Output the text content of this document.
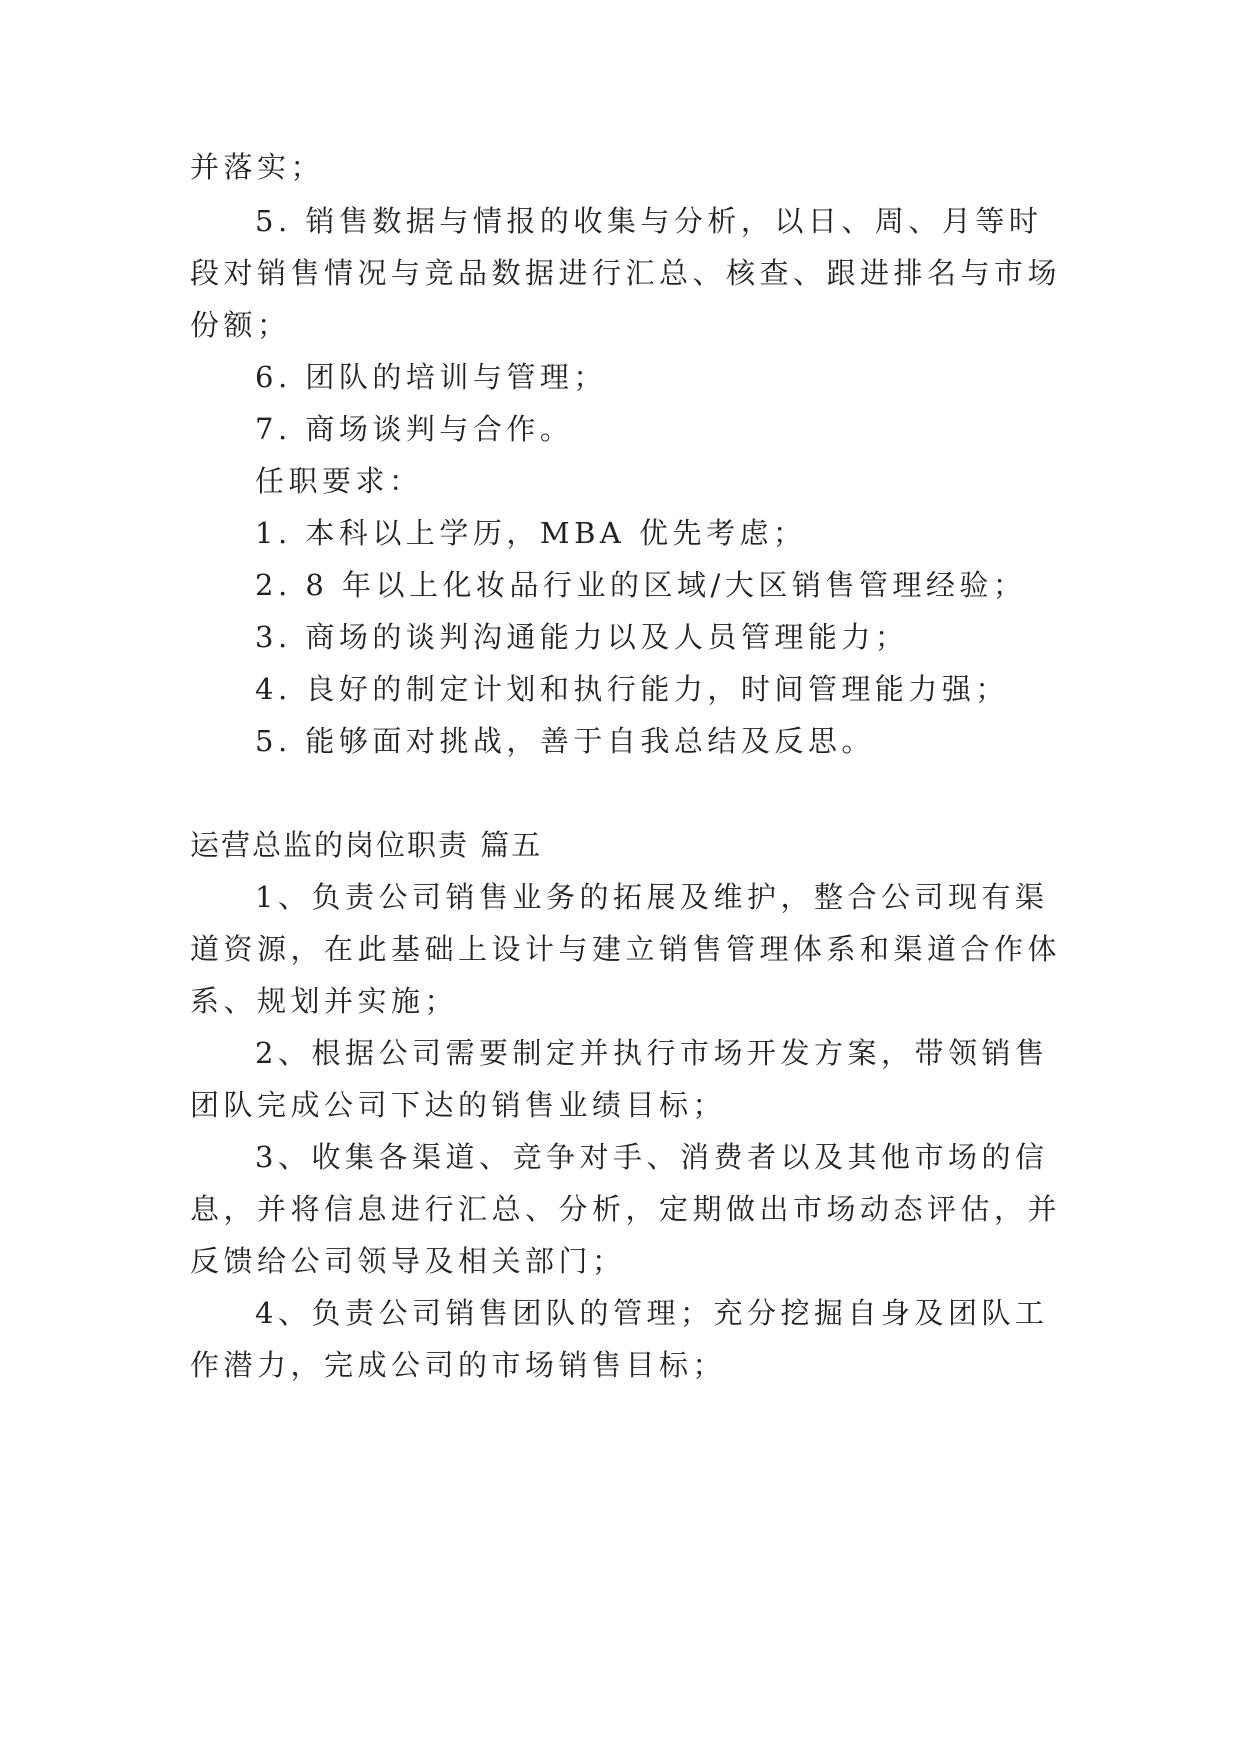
并落实；
5. 销售数据与情报的收集与分析，以日、周、月等时
段对销售情况与竞品数据进行汇总、核查、跟进排名与市场
份额；
6. 团队的培训与管理；
7. 商场谈判与合作。
任职要求：
1. 本科以上学历，MBA 优先考虑；
2. 8 年以上化妆品行业的区域/大区销售管理经验；
3. 商场的谈判沟通能力以及人员管理能力；
4. 良好的制定计划和执行能力，时间管理能力强；
5. 能够面对挑战，善于自我总结及反思。
运营总监的岗位职责 篇五
1、负责公司销售业务的拓展及维护，整合公司现有渠
道资源，在此基础上设计与建立销售管理体系和渠道合作体
系、规划并实施；
2、根据公司需要制定并执行市场开发方案，带领销售
团队完成公司下达的销售业绩目标；
3、收集各渠道、竞争对手、消费者以及其他市场的信
息，并将信息进行汇总、分析，定期做出市场动态评估，并
反馈给公司领导及相关部门；
4、负责公司销售团队的管理；充分挖掘自身及团队工
作潜力，完成公司的市场销售目标；
